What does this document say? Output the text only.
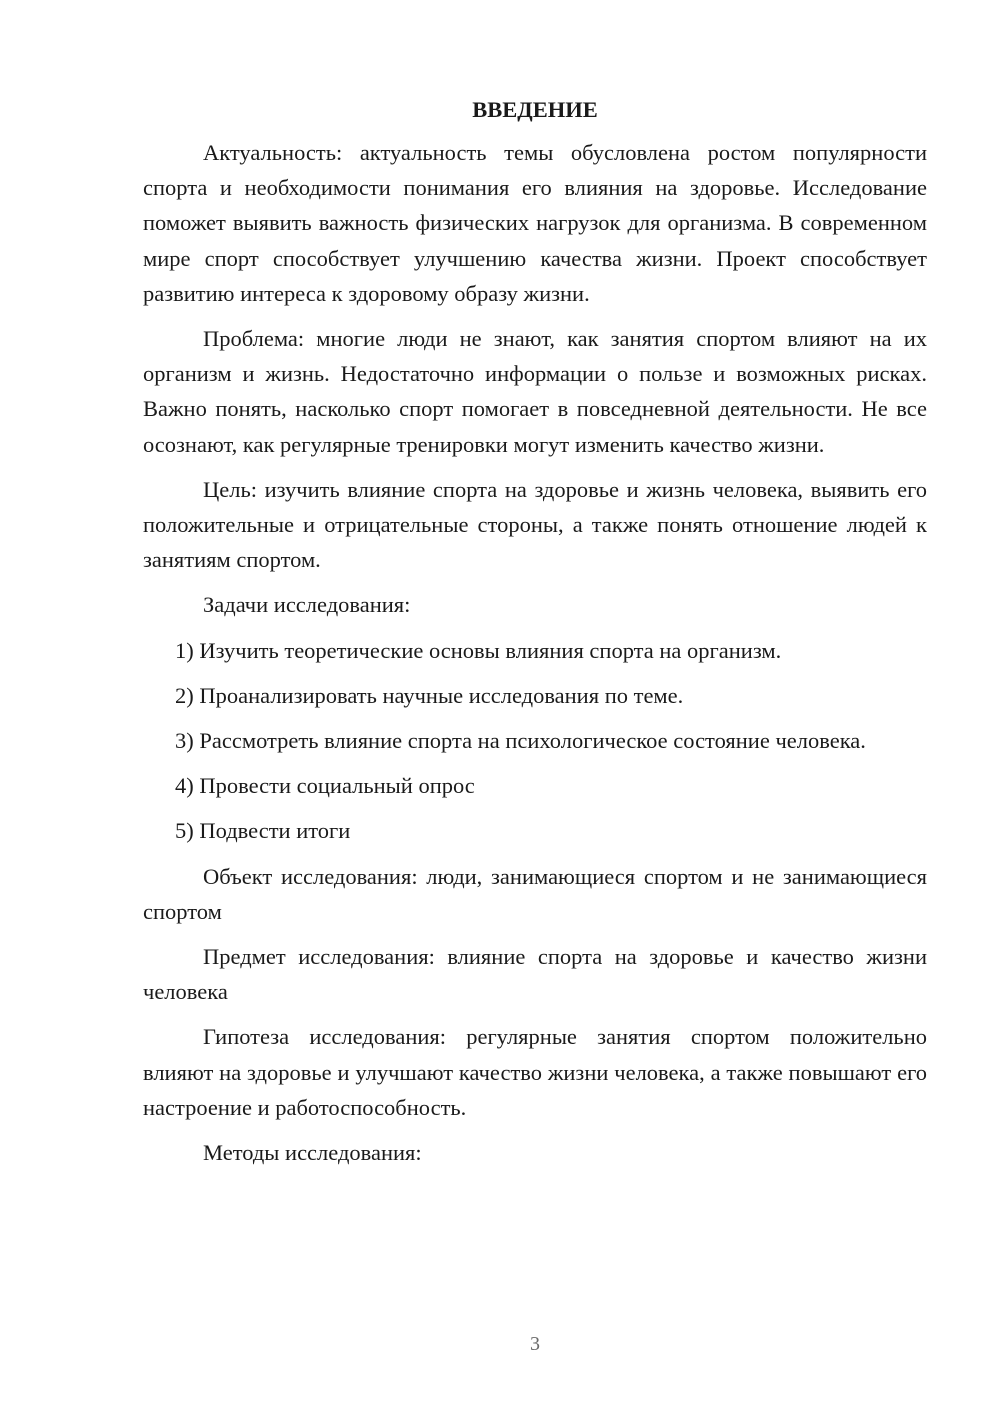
ВВЕДЕНИЕ

Актуальность: актуальность темы обусловлена ростом популярности спорта и необходимости понимания его влияния на здоровье. Исследование поможет выявить важность физических нагрузок для организма. В современном мире спорт способствует улучшению качества жизни. Проект способствует развитию интереса к здоровому образу жизни.

Проблема: многие люди не знают, как занятия спортом влияют на их организм и жизнь. Недостаточно информации о пользе и возможных рисках. Важно понять, насколько спорт помогает в повседневной деятельности. Не все осознают, как регулярные тренировки могут изменить качество жизни.

Цель: изучить влияние спорта на здоровье и жизнь человека, выявить его положительные и отрицательные стороны, а также понять отношение людей к занятиям спортом.

Задачи исследования:

1) Изучить теоретические основы влияния спорта на организм.

2) Проанализировать научные исследования по теме.

3) Рассмотреть влияние спорта на психологическое состояние человека.

4) Провести социальный опрос

5) Подвести итоги

Объект исследования: люди, занимающиеся спортом и не занимающиеся спортом

Предмет исследования: влияние спорта на здоровье и качество жизни человека

Гипотеза исследования: регулярные занятия спортом положительно влияют на здоровье и улучшают качество жизни человека, а также повышают его настроение и работоспособность.

Методы исследования:

3
